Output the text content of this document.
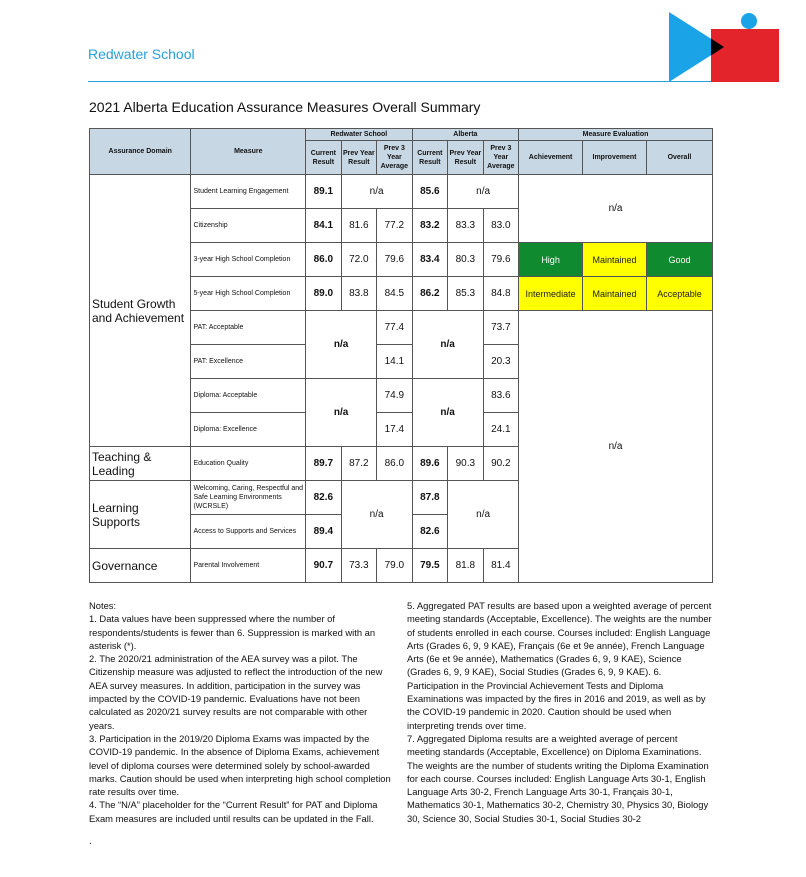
Redwater School
2021 Alberta Education Assurance Measures Overall Summary
Assurance Domain	Measure	Redwater School			Alberta			Measure Evaluation		
		Current Result	Prev Year Result	Prev 3 Year Average	Current Result	Prev Year Result	Prev 3 Year Average	Achievement	Improvement	Overall
Student Growth and Achievement	Student Learning Engagement	89.1	n/a		85.6	n/a		n/a		
	Citizenship	84.1	81.6	77.2	83.2	83.3	83.0			
	3-year High School Completion	86.0	72.0	79.6	83.4	80.3	79.6	High	Maintained	Good
	5-year High School Completion	89.0	83.8	84.5	86.2	85.3	84.8	Intermediate	Maintained	Acceptable
	PAT: Acceptable	n/a		77.4	n/a		73.7	n/a		
	PAT: Excellence			14.1			20.3			
	Diploma: Acceptable	n/a		74.9	n/a		83.6			
	Diploma: Excellence			17.4			24.1			
Teaching & Leading	Education Quality	89.7	87.2	86.0	89.6	90.3	90.2			
Learning Supports	Welcoming, Caring, Respectful and Safe Learning Environments (WCRSLE)	82.6	n/a		87.8	n/a				
	Access to Supports and Services	89.4			82.6					
Governance	Parental Involvement	90.7	73.3	79.0	79.5	81.8	81.4			

Notes:

1. Data values have been suppressed where the number of respondents/students is fewer than 6. Suppression is marked with an asterisk (*).

2. The 2020/21 administration of the AEA survey was a pilot. The Citizenship measure was adjusted to reflect the introduction of the new AEA survey measures. In addition, participation in the survey was impacted by the COVID-19 pandemic. Evaluations have not been calculated as 2020/21 survey results are not comparable with other years.

3. Participation in the 2019/20 Diploma Exams was impacted by the COVID-19 pandemic. In the absence of Diploma Exams, achievement level of diploma courses were determined solely by school-awarded marks. Caution should be used when interpreting high school completion rate results over time.

4. The “N/A” placeholder for the “Current Result” for PAT and Diploma Exam measures are included until results can be updated in the Fall.

.

5. Aggregated PAT results are based upon a weighted average of percent meeting standards (Acceptable, Excellence). The weights are the number of students enrolled in each course. Courses included: English Language Arts (Grades 6, 9, 9 KAE), Français (6e et 9e année), French Language Arts (6e et 9e année), Mathematics (Grades 6, 9, 9 KAE), Science (Grades 6, 9, 9 KAE), Social Studies (Grades 6, 9, 9 KAE). 6. Participation in the Provincial Achievement Tests and Diploma Examinations was impacted by the fires in 2016 and 2019, as well as by the COVID-19 pandemic in 2020. Caution should be used when interpreting trends over time.

7. Aggregated Diploma results are a weighted average of percent meeting standards (Acceptable, Excellence) on Diploma Examinations. The weights are the number of students writing the Diploma Examination for each course. Courses included: English Language Arts 30-1, English Language Arts 30-2, French Language Arts 30-1, Français 30-1, Mathematics 30-1, Mathematics 30-2, Chemistry 30, Physics 30, Biology 30, Science 30, Social Studies 30-1, Social Studies 30-2
